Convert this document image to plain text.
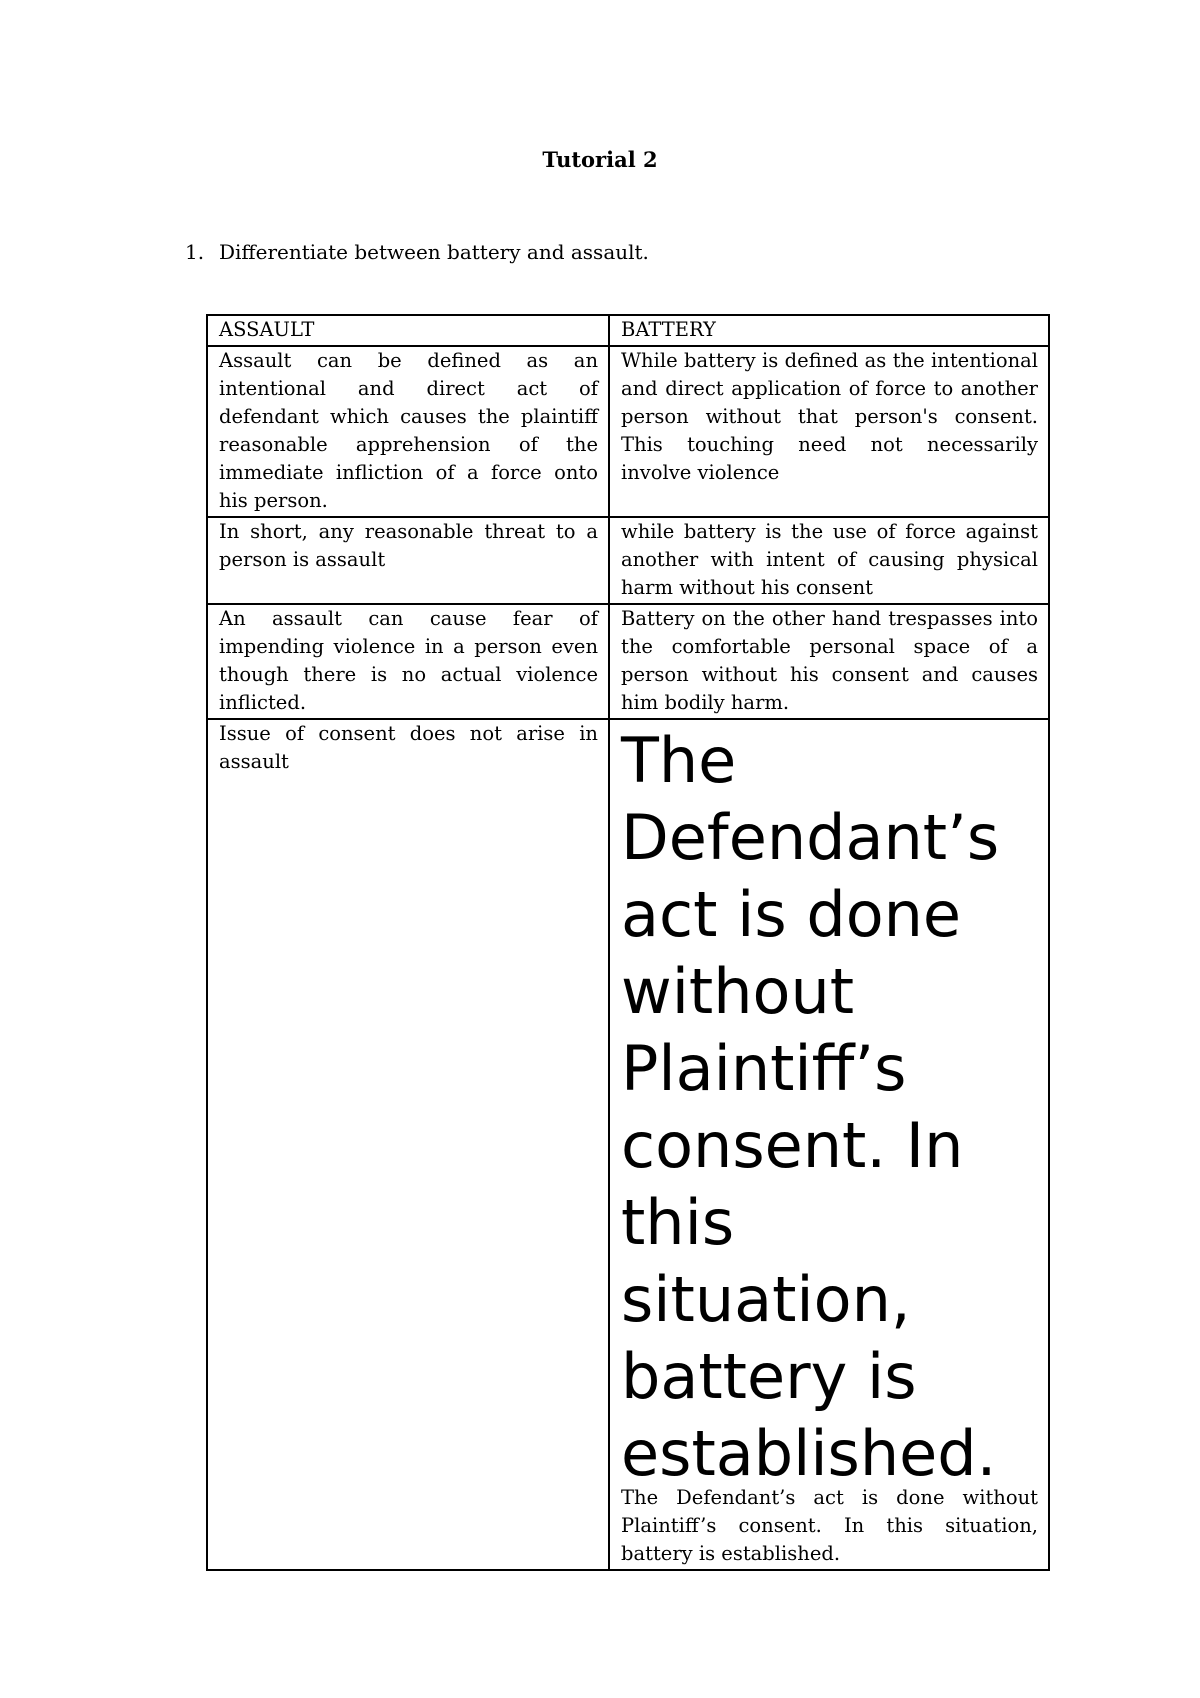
Tutorial 2
1. Differentiate between battery and assault.
ASSAULT	BATTERY
Assault can be defined as an intentional and direct act of defendant which causes the plaintiff reasonable apprehension of the immediate infliction of a force onto his person.	While battery is defined as the intentional and direct application of force to another person without that person's consent. This touching need not necessarily involve violence
In short, any reasonable threat to a person is assault	while battery is the use of force against another with intent of causing physical harm without his consent
An assault can cause fear of impending violence in a person even though there is no actual violence inflicted.	Battery on the other hand trespasses into the comfortable personal space of a person without his consent and causes him bodily harm.
Issue of consent does not arise in assault	The Defendant’s act is done without Plaintiff’s consent. In this situation, battery is established.
The Defendant’s act is done without Plaintiff’s consent. In this situation, battery is established.
